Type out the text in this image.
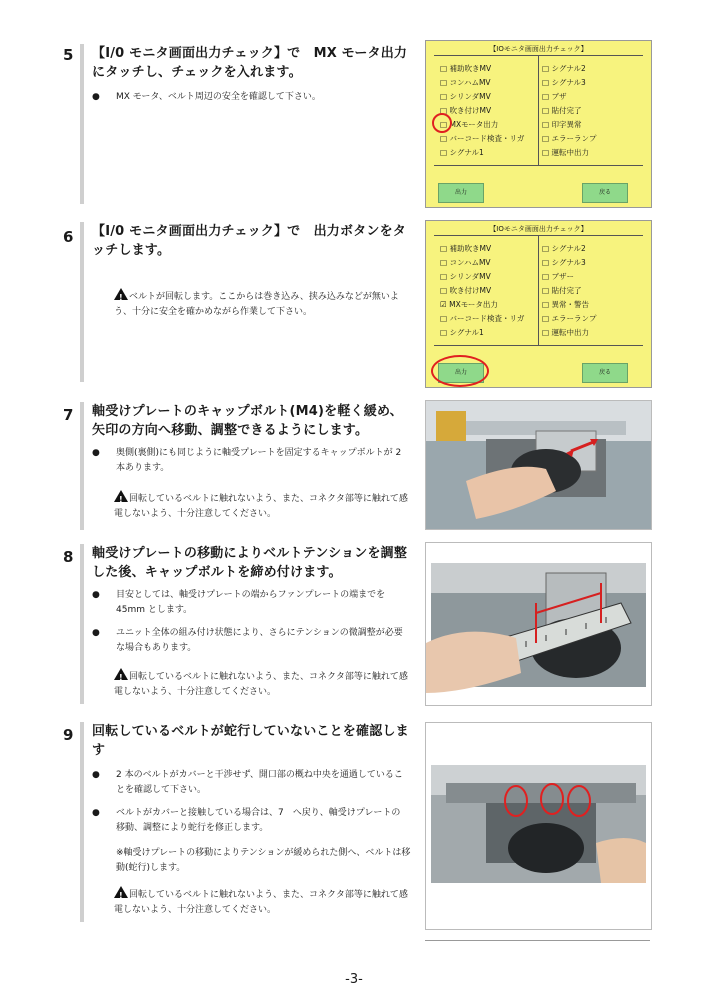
5 【I/0 モニタ画面出力チェック】で　MX モータ出力　にタッチし、チェックを入れます。
● MX モータ、ベルト周辺の安全を確認して下さい。
【IOモニタ画面出力チェック】
□ 補助吹きMV
□ コンハムMV
□ シリンダMV
□ 吹き付けMV
□ MXモータ出力
□ バーコード検査・リガ
□ シグナル1
□ シグナル2
□ シグナル3
□ ブザ
□ 貼付完了
□ 印字異常
□ エラーランプ
□ 運転中出力
出力	戻る
6 【I/0 モニタ画面出力チェック】で　出力ボタンをタッチします。
!ベルトが回転します。ここからは巻き込み、挟み込みなどが無いよう、十分に安全を確かめながら作業して下さい。
【IOモニタ画面出力チェック】
□ 補助吹きMV
□ コンハムMV
□ シリンダMV
□ 吹き付けMV
☑ MXモータ出力
□ バーコード検査・リガ
□ シグナル1
□ シグナル2
□ シグナル3
□ ブザー
□ 貼付完了
□ 異常・警告
□ エラーランプ
□ 運転中出力
出力	戻る
7 軸受けプレートのキャップボルト(M4)を軽く緩め、矢印の方向へ移動、調整できるようにします。
● 奥側(裏側)にも同じように軸受プレートを固定するキャップボルトが 2 本あります。
!回転しているベルトに触れないよう、また、コネクタ部等に触れて感電しないよう、十分注意してください。
8 軸受けプレートの移動によりベルトテンションを調整した後、キャップボルトを締め付けます。
● 目安としては、軸受けプレートの端からファンプレートの端までを 45mm とします。
● ユニット全体の組み付け状態により、さらにテンションの微調整が必要な場合もあります。
!回転しているベルトに触れないよう、また、コネクタ部等に触れて感電しないよう、十分注意してください。
9 回転しているベルトが蛇行していないことを確認します
● 2 本のベルトがカバーと干渉せず、開口部の概ね中央を通過していることを確認して下さい。
● ベルトがカバーと接触している場合は、7　へ戻り、軸受けプレートの移動、調整により蛇行を修正します。
※軸受けプレートの移動によりテンションが緩められた側へ、ベルトは移動(蛇行)します。
!回転しているベルトに触れないよう、また、コネクタ部等に触れて感電しないよう、十分注意してください。
-3-
